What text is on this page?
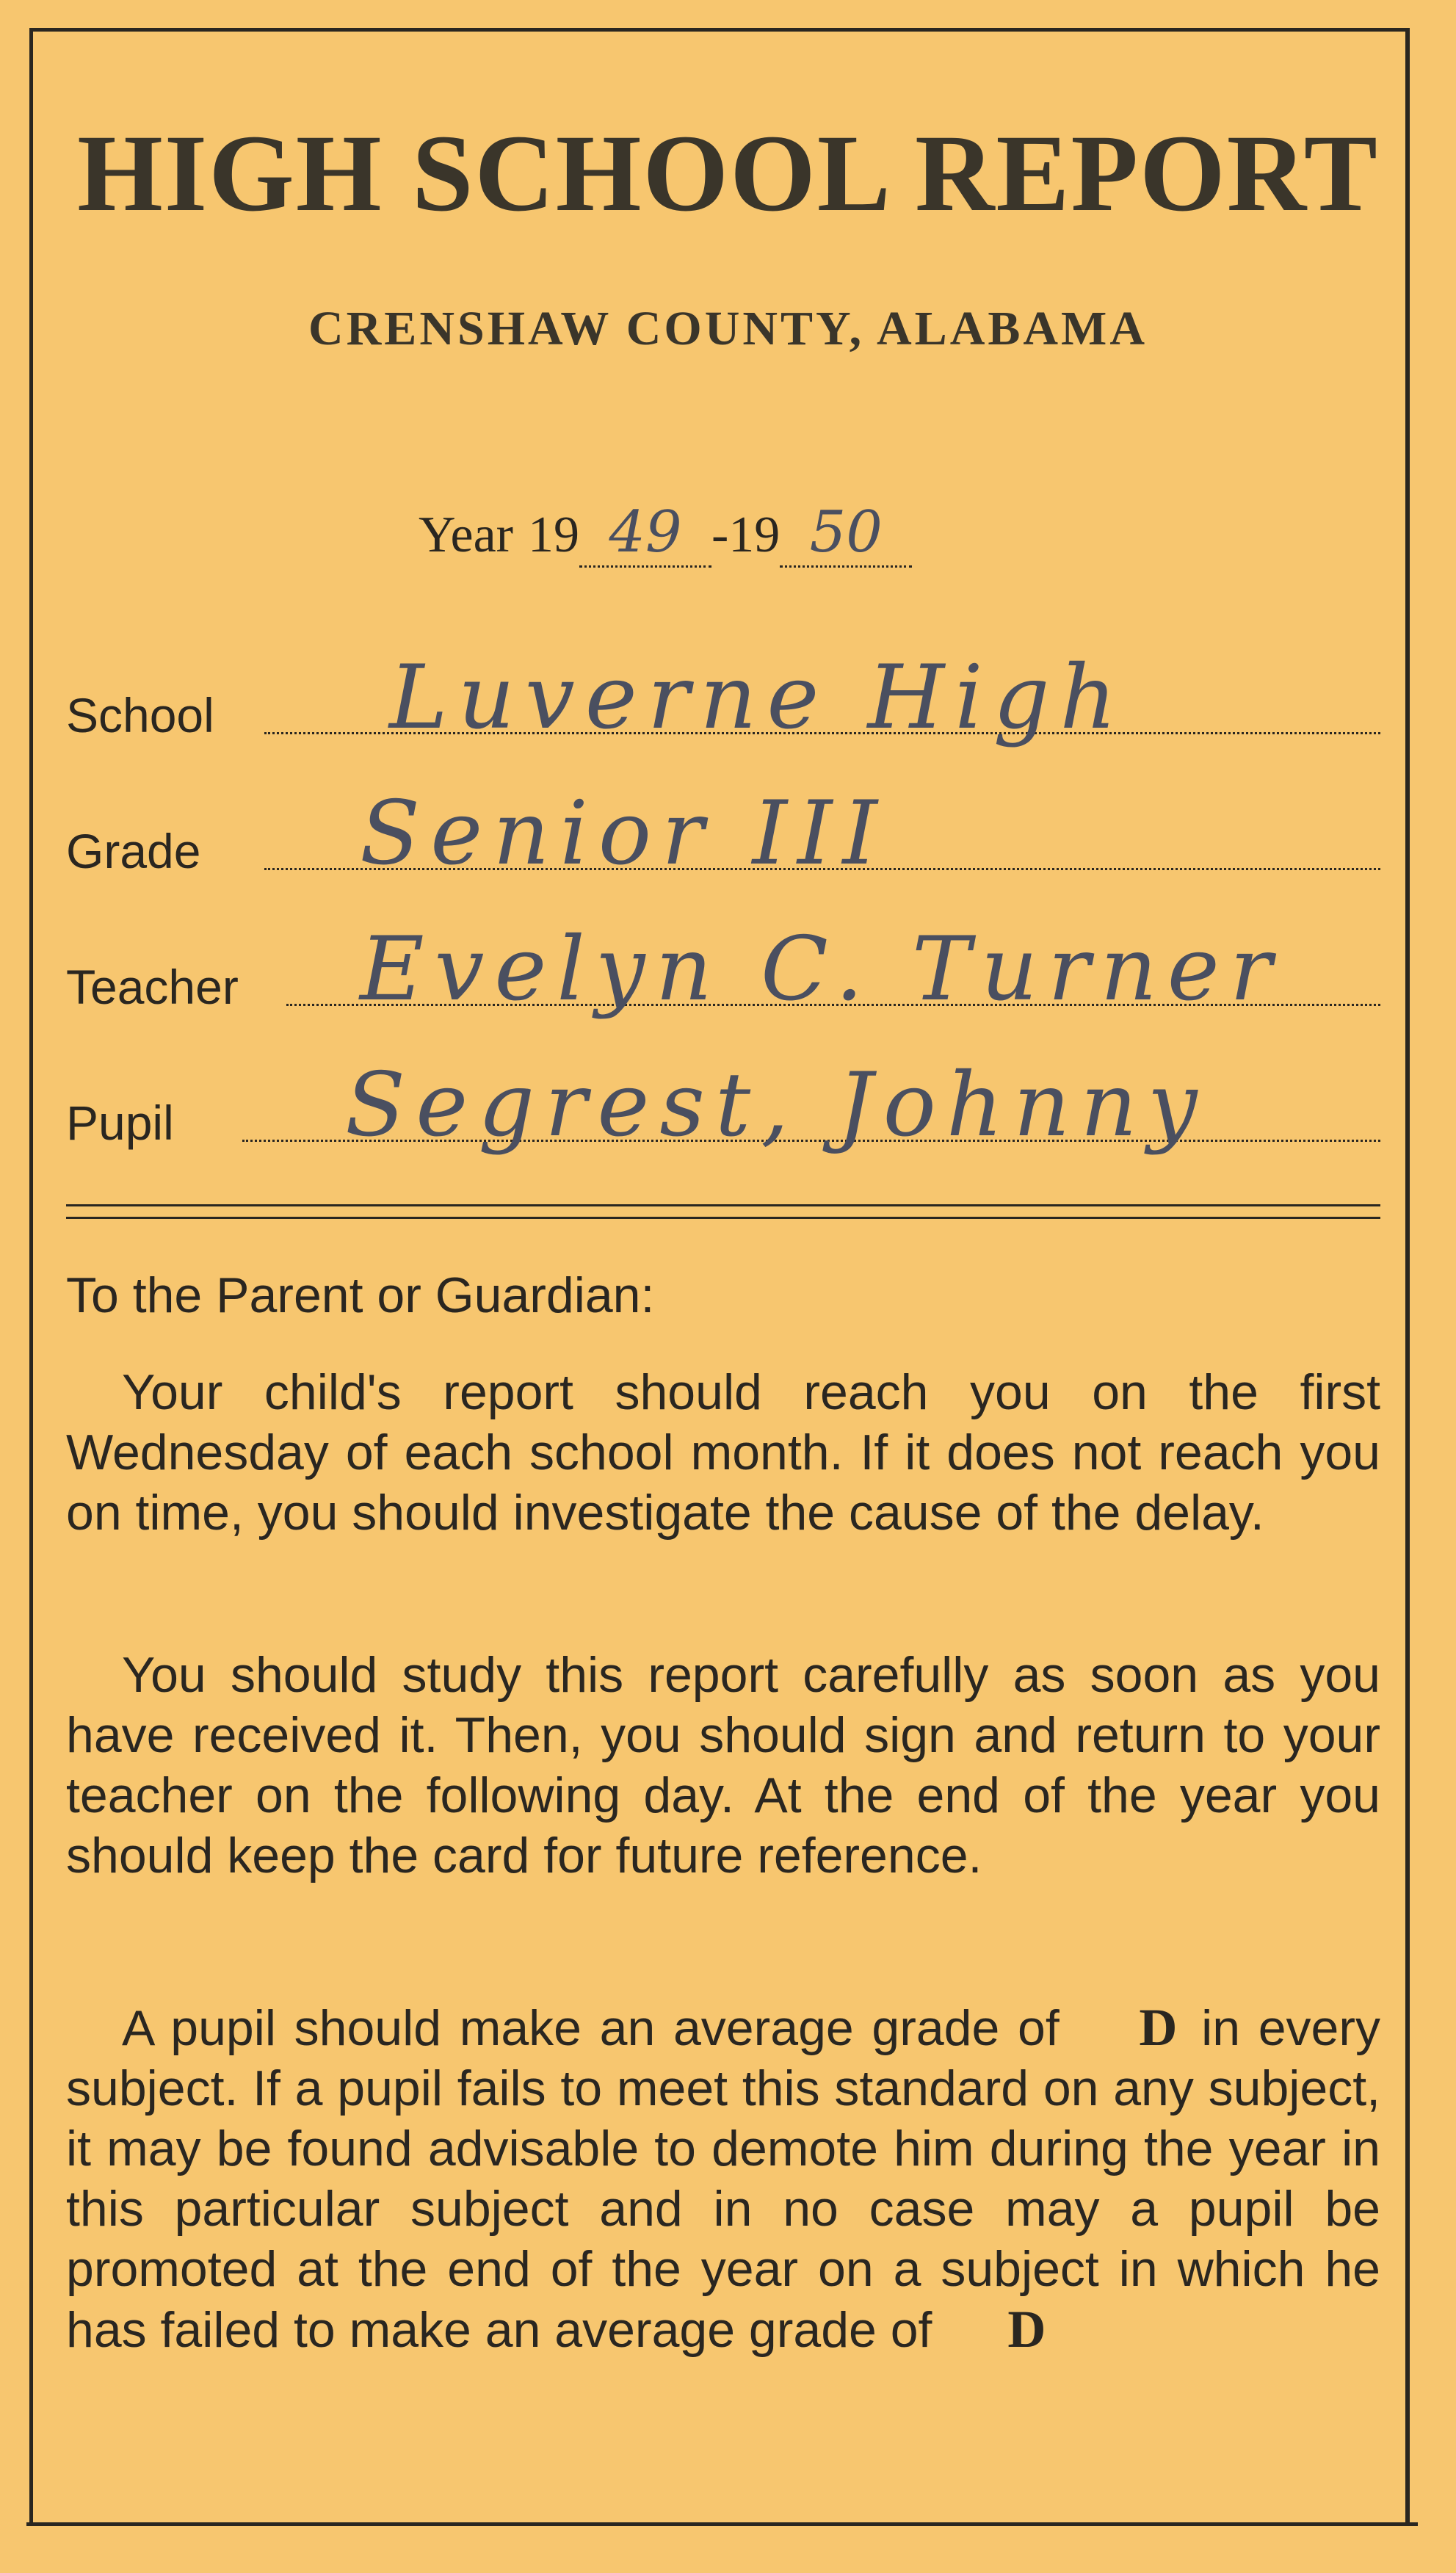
HIGH SCHOOL REPORT
CRENSHAW COUNTY, ALABAMA
Year 19 49 -19 50
School Luverne High
Grade Senior III
Teacher Evelyn C. Turner
Pupil Segrest, Johnny
To the Parent or Guardian:

Your child's report should reach you on the first Wednesday of each school month. If it does not reach you on time, you should investigate the cause of the delay.

You should study this report carefully as soon as you have received it. Then, you should sign and return to your teacher on the following day. At the end of the year you should keep the card for future reference.

A pupil should make an average grade of D in every subject. If a pupil fails to meet this standard on any subject, it may be found advisable to demote him during the year in this particular subject and in no case may a pupil be promoted at the end of the year on a subject in which he has failed to make an average grade of D
